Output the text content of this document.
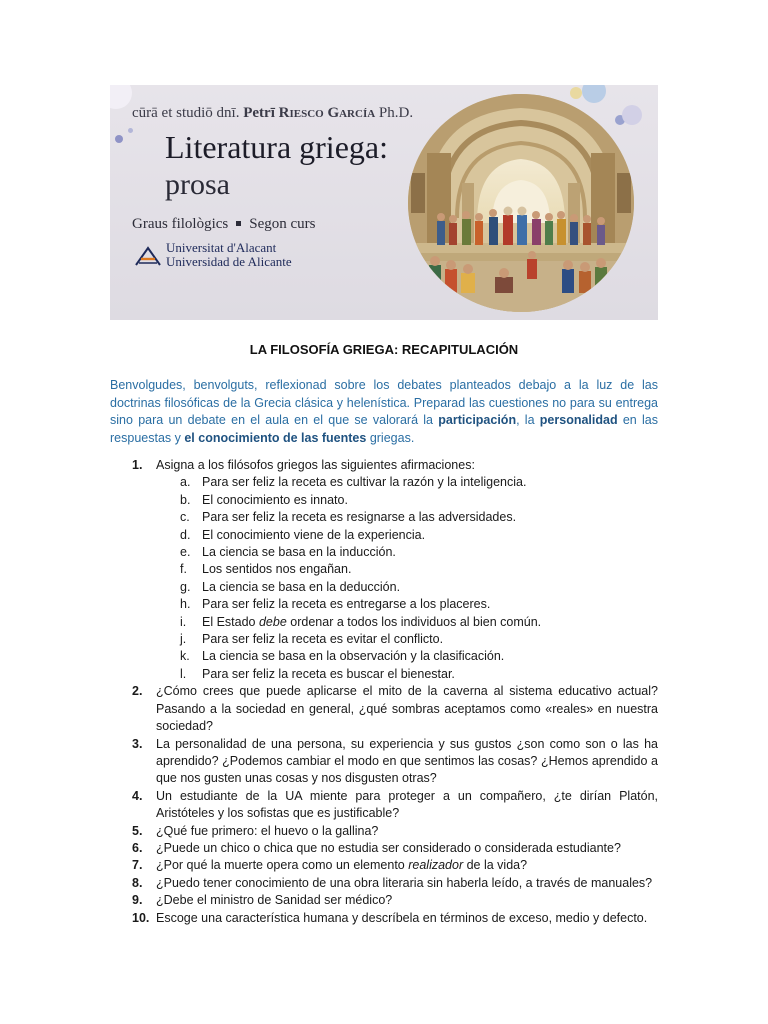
cūrā et studiō dnī. Petrī Riesco García Ph.D.
Literatura griega:
prosa
Graus filològics Segon curs
Universitat d'Alacant
Universidad de Alicante
LA FILOSOFÍA GRIEGA: RECAPITULACIÓN
Benvolgudes, benvolguts, reflexionad sobre los debates planteados debajo a la luz de las doctrinas filosóficas de la Grecia clásica y helenística. Preparad las cuestiones no para su entrega sino para un debate en el aula en el que se valorará la participación, la personalidad en las respuestas y el conocimiento de las fuentes griegas.
1. Asigna a los filósofos griegos las siguientes afirmaciones:
a. Para ser feliz la receta es cultivar la razón y la inteligencia.
b. El conocimiento es innato.
c. Para ser feliz la receta es resignarse a las adversidades.
d. El conocimiento viene de la experiencia.
e. La ciencia se basa en la inducción.
f. Los sentidos nos engañan.
g. La ciencia se basa en la deducción.
h. Para ser feliz la receta es entregarse a los placeres.
i. El Estado debe ordenar a todos los individuos al bien común.
j. Para ser feliz la receta es evitar el conflicto.
k. La ciencia se basa en la observación y la clasificación.
l. Para ser feliz la receta es buscar el bienestar.
2. ¿Cómo crees que puede aplicarse el mito de la caverna al sistema educativo actual? Pasando a la sociedad en general, ¿qué sombras aceptamos como «reales» en nuestra sociedad?
3. La personalidad de una persona, su experiencia y sus gustos ¿son como son o las ha aprendido? ¿Podemos cambiar el modo en que sentimos las cosas? ¿Hemos aprendido a que nos gusten unas cosas y nos disgusten otras?
4. Un estudiante de la UA miente para proteger a un compañero, ¿te dirían Platón, Aristóteles y los sofistas que es justificable?
5. ¿Qué fue primero: el huevo o la gallina?
6. ¿Puede un chico o chica que no estudia ser considerado o considerada estudiante?
7. ¿Por qué la muerte opera como un elemento realizador de la vida?
8. ¿Puedo tener conocimiento de una obra literaria sin haberla leído, a través de manuales?
9. ¿Debe el ministro de Sanidad ser médico?
10. Escoge una característica humana y descríbela en términos de exceso, medio y defecto.
